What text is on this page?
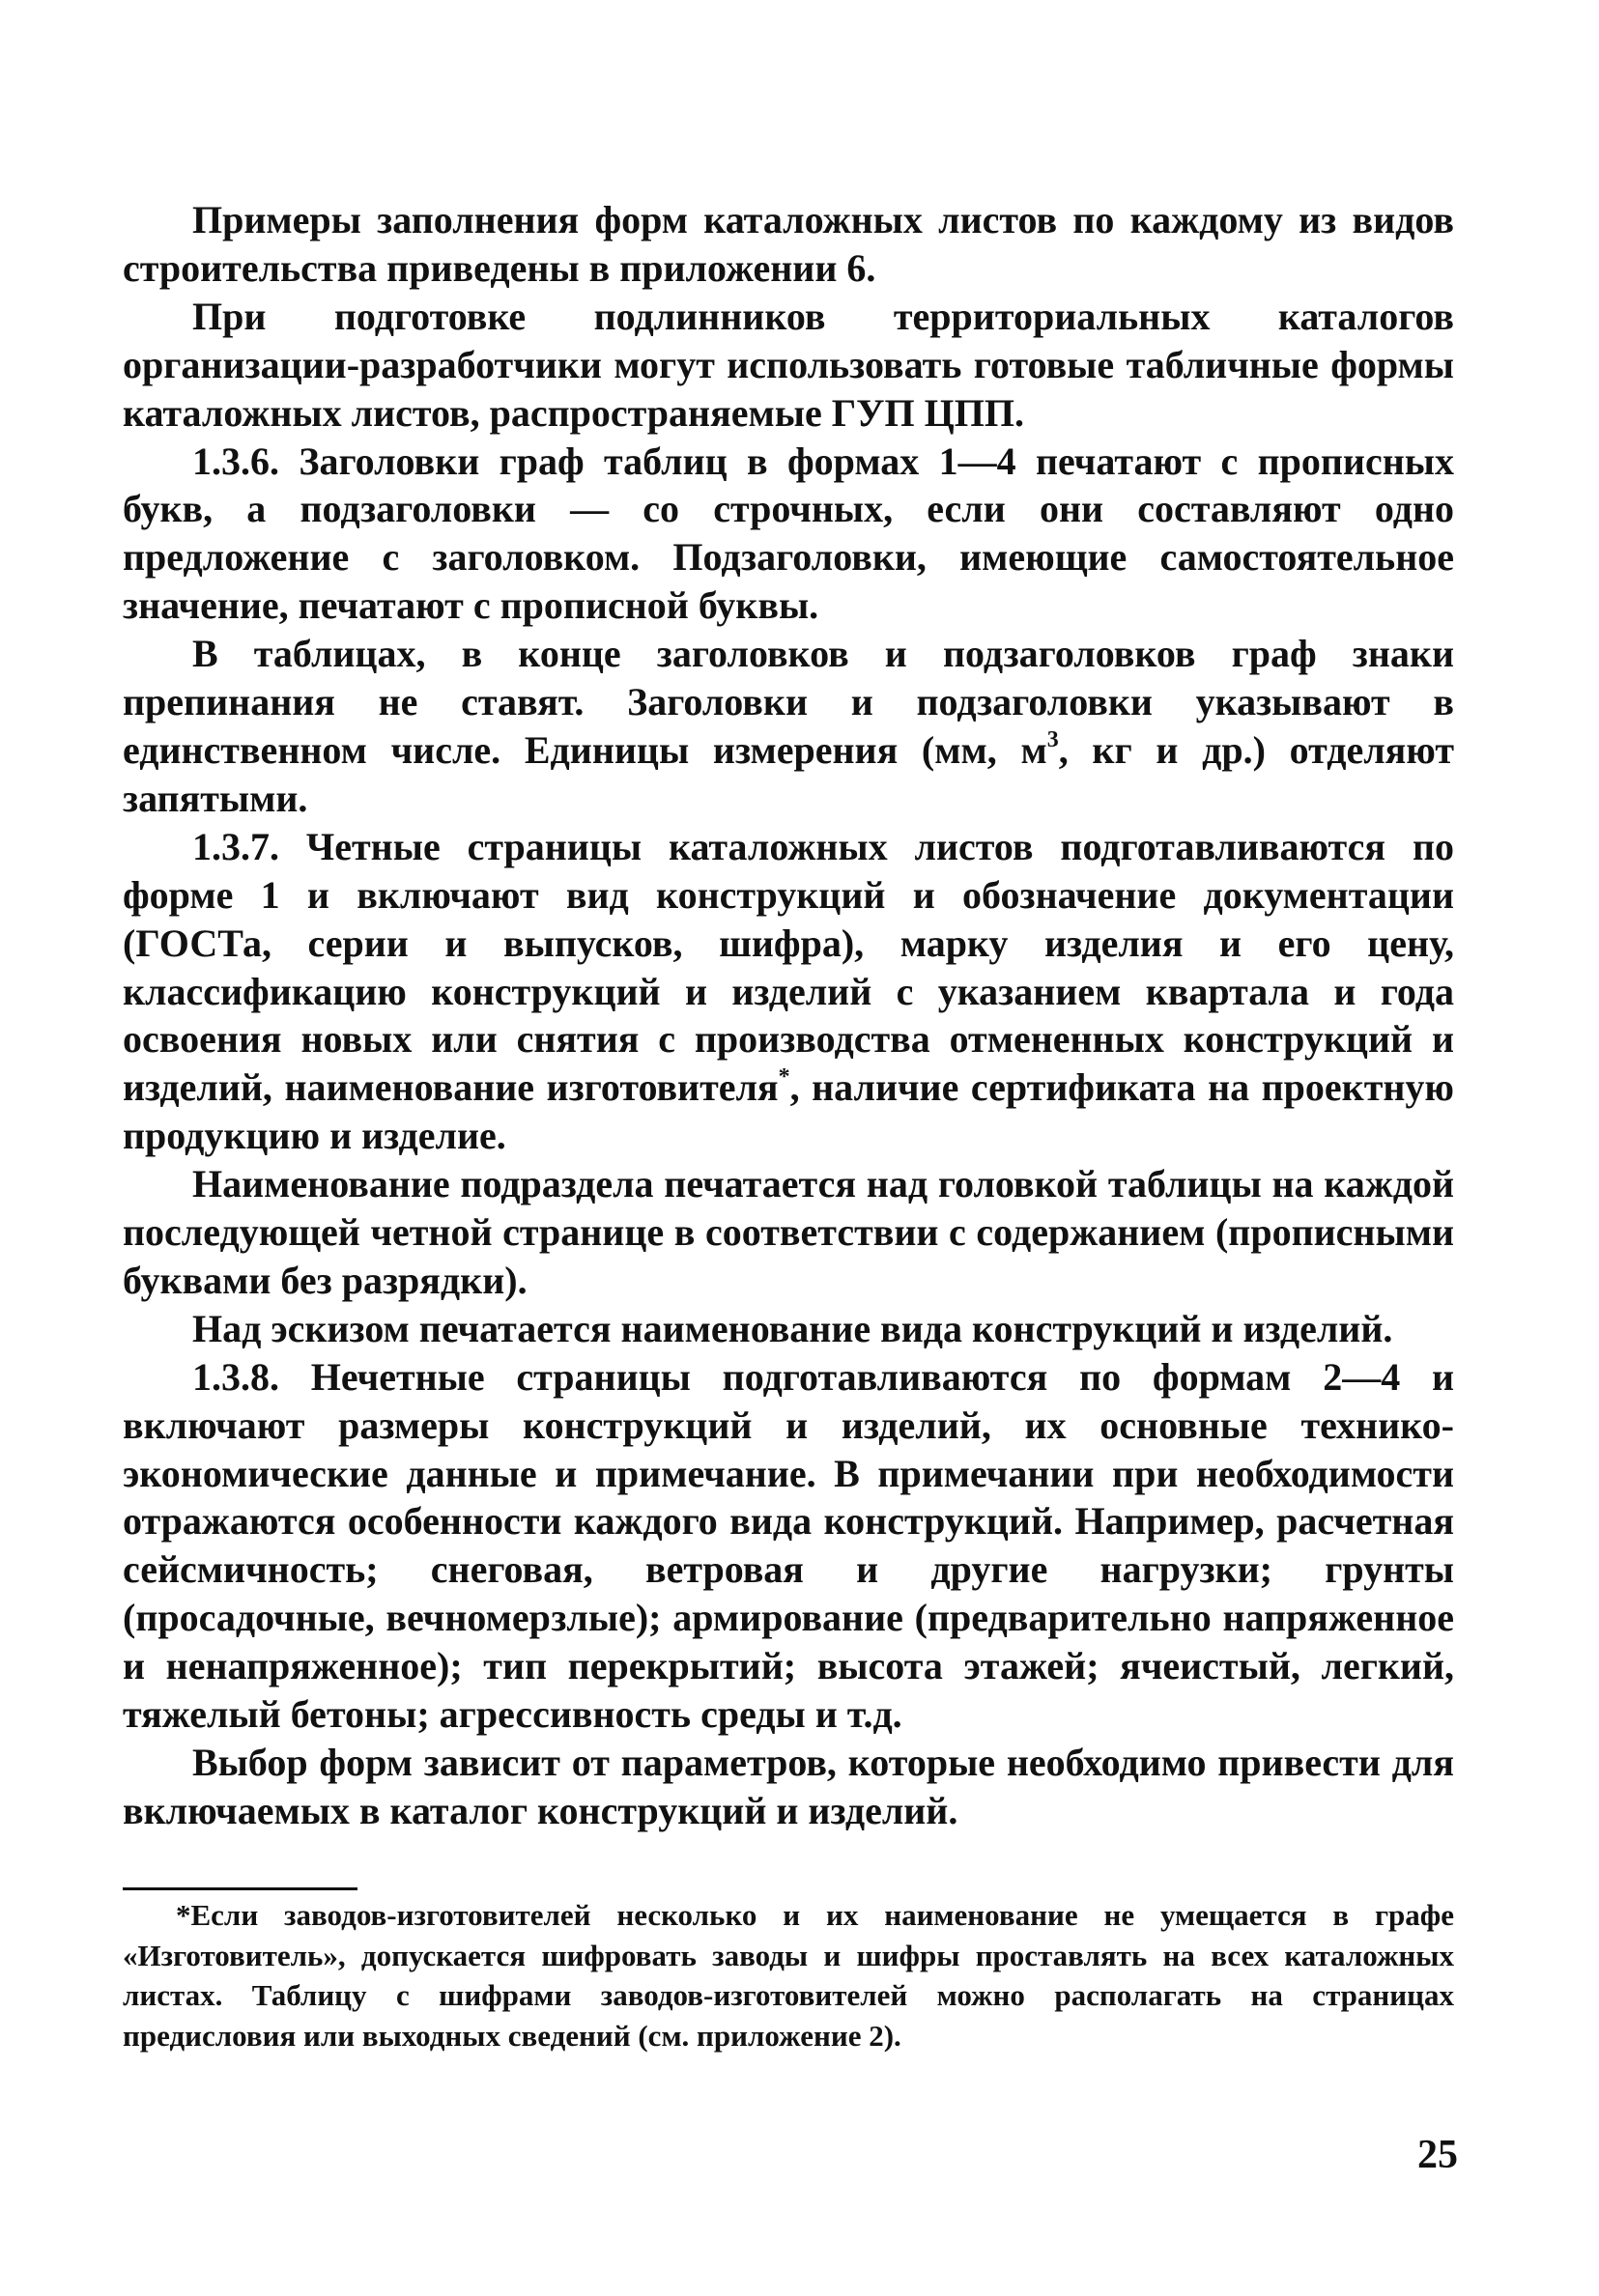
Примеры заполнения форм каталожных листов по каждому из видов строительства приведены в приложении 6.

При подготовке подлинников территориальных каталогов организации-разработчики могут использовать готовые табличные формы каталожных листов, распространяемые ГУП ЦПП.

1.3.6. Заголовки граф таблиц в формах 1—4 печатают с прописных букв, а подзаголовки — со строчных, если они составляют одно предложение с заголовком. Подзаголовки, имеющие самостоятельное значение, печатают с прописной буквы.

В таблицах, в конце заголовков и подзаголовков граф знаки препинания не ставят. Заголовки и подзаголовки указывают в единственном числе. Единицы измерения (мм, $м^3$, кг и др.) отделяют запятыми.

1.3.7. Четные страницы каталожных листов подготавливаются по форме 1 и включают вид конструкций и обозначение документации (ГОСТа, серии и выпусков, шифра), марку изделия и его цену, классификацию конструкций и изделий с указанием квартала и года освоения новых или снятия с производства отмененных конструкций и изделий, наименование изготовителя*, наличие сертификата на проектную продукцию и изделие.

Наименование подраздела печатается над головкой таблицы на каждой последующей четной странице в соответствии с содержанием (прописными буквами без разрядки).

Над эскизом печатается наименование вида конструкций и изделий.

1.3.8. Нечетные страницы подготавливаются по формам 2—4 и включают размеры конструкций и изделий, их основные технико-экономические данные и примечание. В примечании при необходимости отражаются особенности каждого вида конструкций. Например, расчетная сейсмичность; снеговая, ветровая и другие нагрузки; грунты (просадочные, вечномерзлые); армирование (предварительно напряженное и ненапряженное); тип перекрытий; высота этажей; ячеистый, легкий, тяжелый бетоны; агрессивность среды и т.д.

Выбор форм зависит от параметров, которые необходимо привести для включаемых в каталог конструкций и изделий.

*Если заводов-изготовителей несколько и их наименование не умещается в графе «Изготовитель», допускается шифровать заводы и шифры проставлять на всех каталожных листах. Таблицу с шифрами заводов-изготовителей можно располагать на страницах предисловия или выходных сведений (см. приложение 2).

25
